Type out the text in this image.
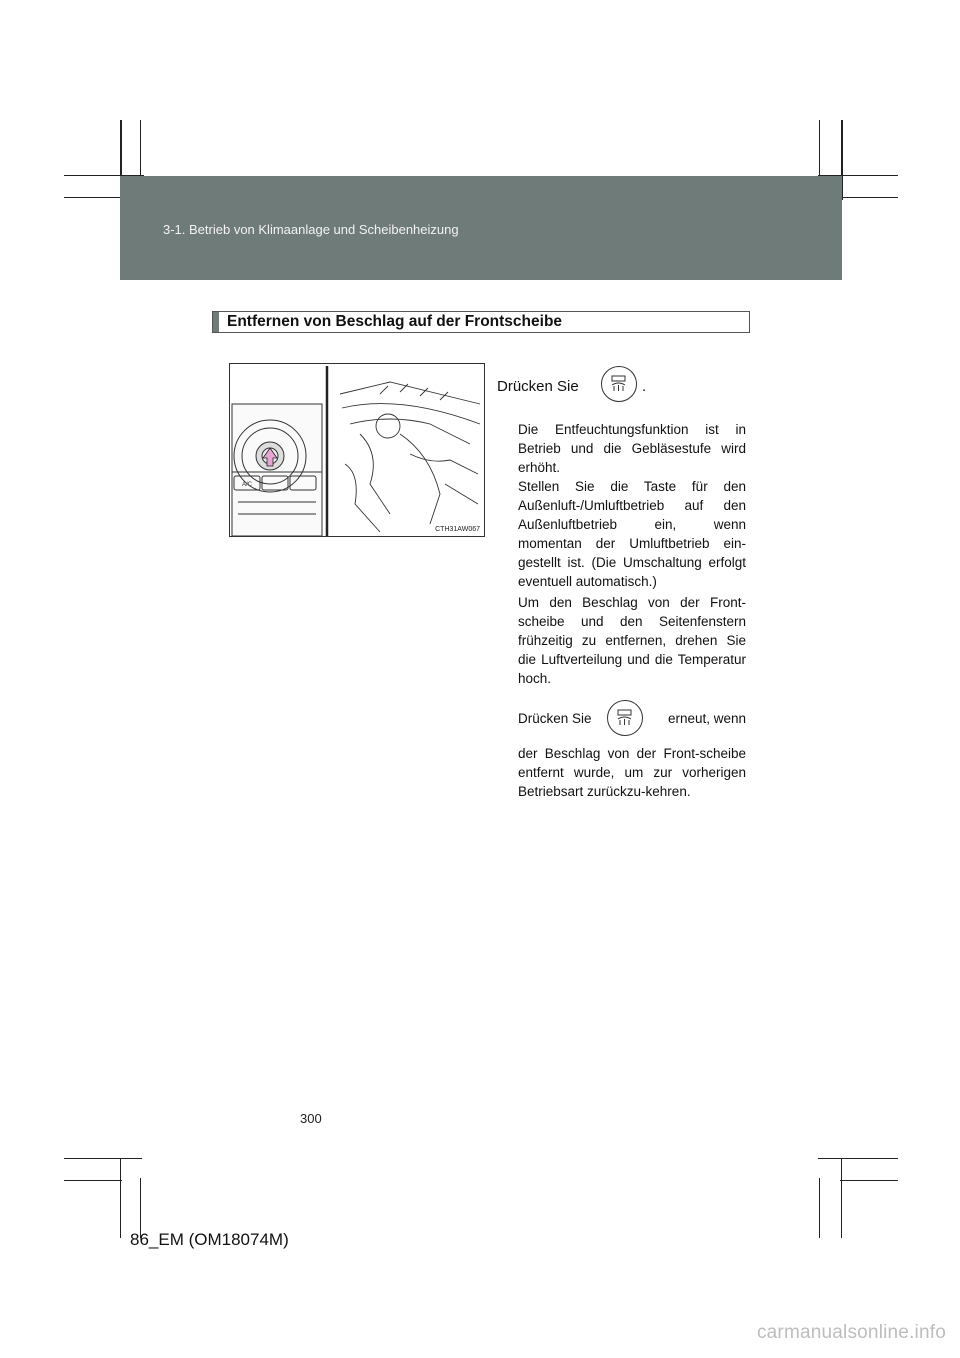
3-1. Betrieb von Klimaanlage und Scheibenheizung
Entfernen von Beschlag auf der Frontscheibe
A/C
CTH31AW067
Drücken Sie	.
Die Entfeuchtungsfunktion ist in Betrieb und die Gebläsestufe wird erhöht.
Stellen Sie die Taste für den Außenluft-/Umluftbetrieb auf den Außenluftbetrieb ein, wenn momentan der Umluftbetrieb ein-gestellt ist. (Die Umschaltung erfolgt eventuell automatisch.)
Um den Beschlag von der Front-scheibe und den Seitenfenstern frühzeitig zu entfernen, drehen Sie die Luftverteilung und die Temperatur hoch.
Drücken Sie	erneut, wenn
der Beschlag von der Front-scheibe entfernt wurde, um zur vorherigen Betriebsart zurückzu-kehren.
300
86_EM (OM18074M)
carmanualsonline.info
